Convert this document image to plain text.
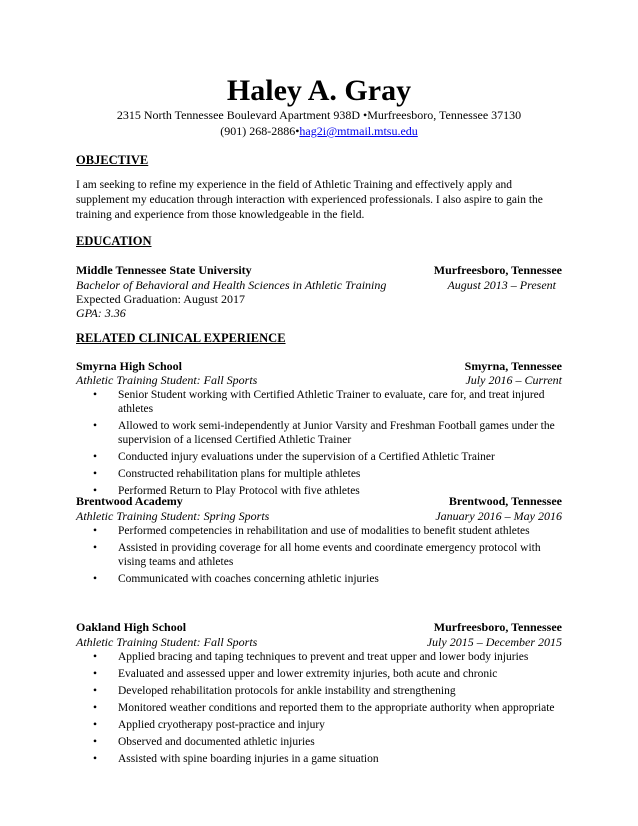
Haley A. Gray
2315 North Tennessee Boulevard Apartment 938D •Murfreesboro, Tennessee 37130
(901) 268-2886•hag2i@mtmail.mtsu.edu
OBJECTIVE
I am seeking to refine my experience in the field of Athletic Training and effectively apply and
supplement my education through interaction with experienced professionals. I also aspire to gain the
training and experience from those knowledgeable in the field.
EDUCATION
Middle Tennessee State University	Murfreesboro, Tennessee
Bachelor of Behavioral and Health Sciences in Athletic Training	August 2013 – Present
Expected Graduation: August 2017
GPA: 3.36
RELATED CLINICAL EXPERIENCE
Smyrna High School	Smyrna, Tennessee
Athletic Training Student: Fall Sports	July 2016 – Current
• Senior Student working with Certified Athletic Trainer to evaluate, care for, and treat injured
athletes
• Allowed to work semi-independently at Junior Varsity and Freshman Football games under the
supervision of a licensed Certified Athletic Trainer
• Conducted injury evaluations under the supervision of a Certified Athletic Trainer
• Constructed rehabilitation plans for multiple athletes
• Performed Return to Play Protocol with five athletes
Brentwood Academy	Brentwood, Tennessee
Athletic Training Student: Spring Sports	January 2016 – May 2016
• Performed competencies in rehabilitation and use of modalities to benefit student athletes
• Assisted in providing coverage for all home events and coordinate emergency protocol with
vising teams and athletes
• Communicated with coaches concerning athletic injuries
Oakland High School	Murfreesboro, Tennessee
Athletic Training Student: Fall Sports	July 2015 – December 2015
• Applied bracing and taping techniques to prevent and treat upper and lower body injuries
• Evaluated and assessed upper and lower extremity injuries, both acute and chronic
• Developed rehabilitation protocols for ankle instability and strengthening
• Monitored weather conditions and reported them to the appropriate authority when appropriate
• Applied cryotherapy post-practice and injury
• Observed and documented athletic injuries
• Assisted with spine boarding injuries in a game situation
